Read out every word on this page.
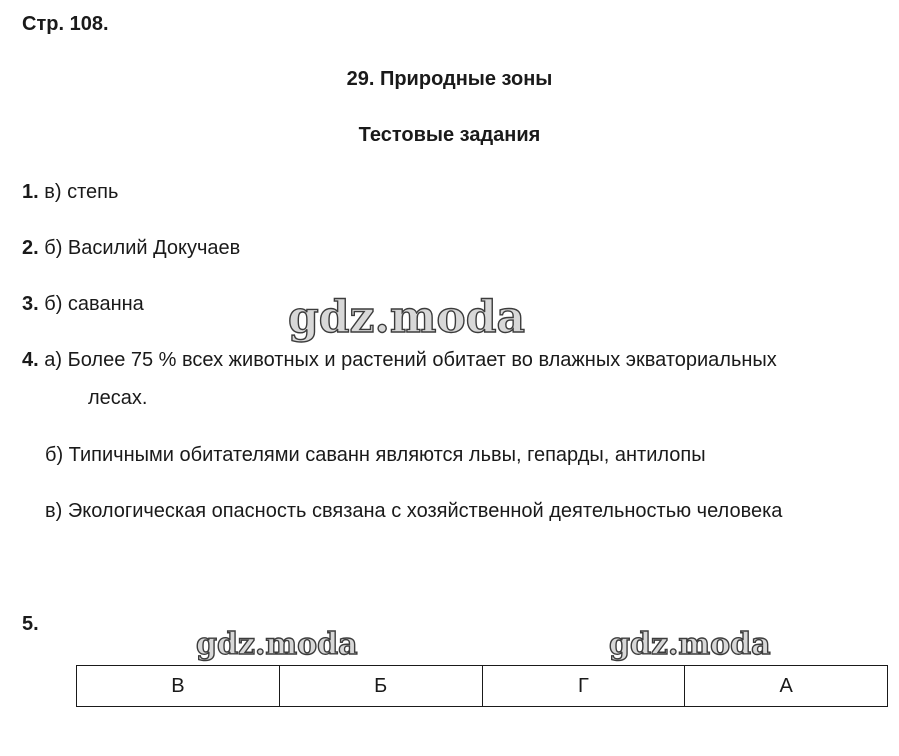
Стр. 108.
29. Природные зоны
Тестовые задания
1. в) степь
2. б) Василий Докучаев
3. б) саванна
4. а) Более 75 % всех животных и растений обитает во влажных экваториальных
лесах.
б) Типичными обитателями саванн являются львы, гепарды, антилопы
в) Экологическая опасность связана с хозяйственной деятельностью человека
5.
gdz.moda
gdz.moda	gdz.moda
В	Б	Г	А
